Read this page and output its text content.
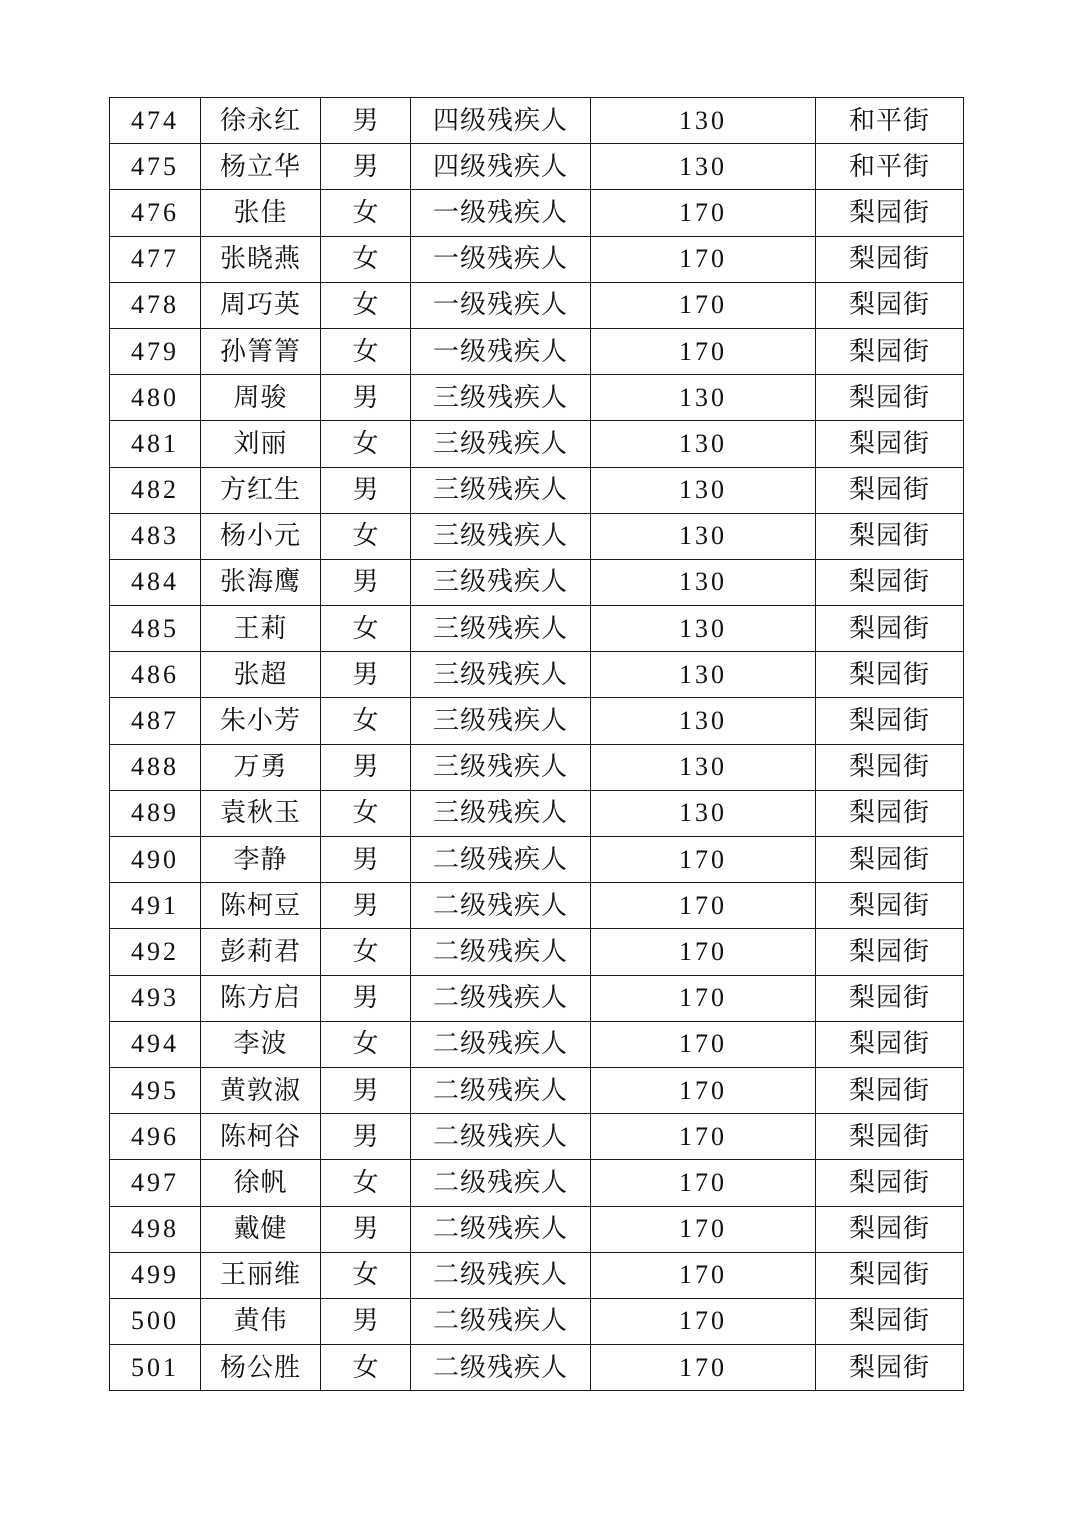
474	徐永红	男	四级残疾人	130	和平街
475	杨立华	男	四级残疾人	130	和平街
476	张佳	女	一级残疾人	170	梨园街
477	张晓燕	女	一级残疾人	170	梨园街
478	周巧英	女	一级残疾人	170	梨园街
479	孙箐箐	女	一级残疾人	170	梨园街
480	周骏	男	三级残疾人	130	梨园街
481	刘丽	女	三级残疾人	130	梨园街
482	方红生	男	三级残疾人	130	梨园街
483	杨小元	女	三级残疾人	130	梨园街
484	张海鹰	男	三级残疾人	130	梨园街
485	王莉	女	三级残疾人	130	梨园街
486	张超	男	三级残疾人	130	梨园街
487	朱小芳	女	三级残疾人	130	梨园街
488	万勇	男	三级残疾人	130	梨园街
489	袁秋玉	女	三级残疾人	130	梨园街
490	李静	男	二级残疾人	170	梨园街
491	陈柯豆	男	二级残疾人	170	梨园街
492	彭莉君	女	二级残疾人	170	梨园街
493	陈方启	男	二级残疾人	170	梨园街
494	李波	女	二级残疾人	170	梨园街
495	黄敦淑	男	二级残疾人	170	梨园街
496	陈柯谷	男	二级残疾人	170	梨园街
497	徐帆	女	二级残疾人	170	梨园街
498	戴健	男	二级残疾人	170	梨园街
499	王丽维	女	二级残疾人	170	梨园街
500	黄伟	男	二级残疾人	170	梨园街
501	杨公胜	女	二级残疾人	170	梨园街
